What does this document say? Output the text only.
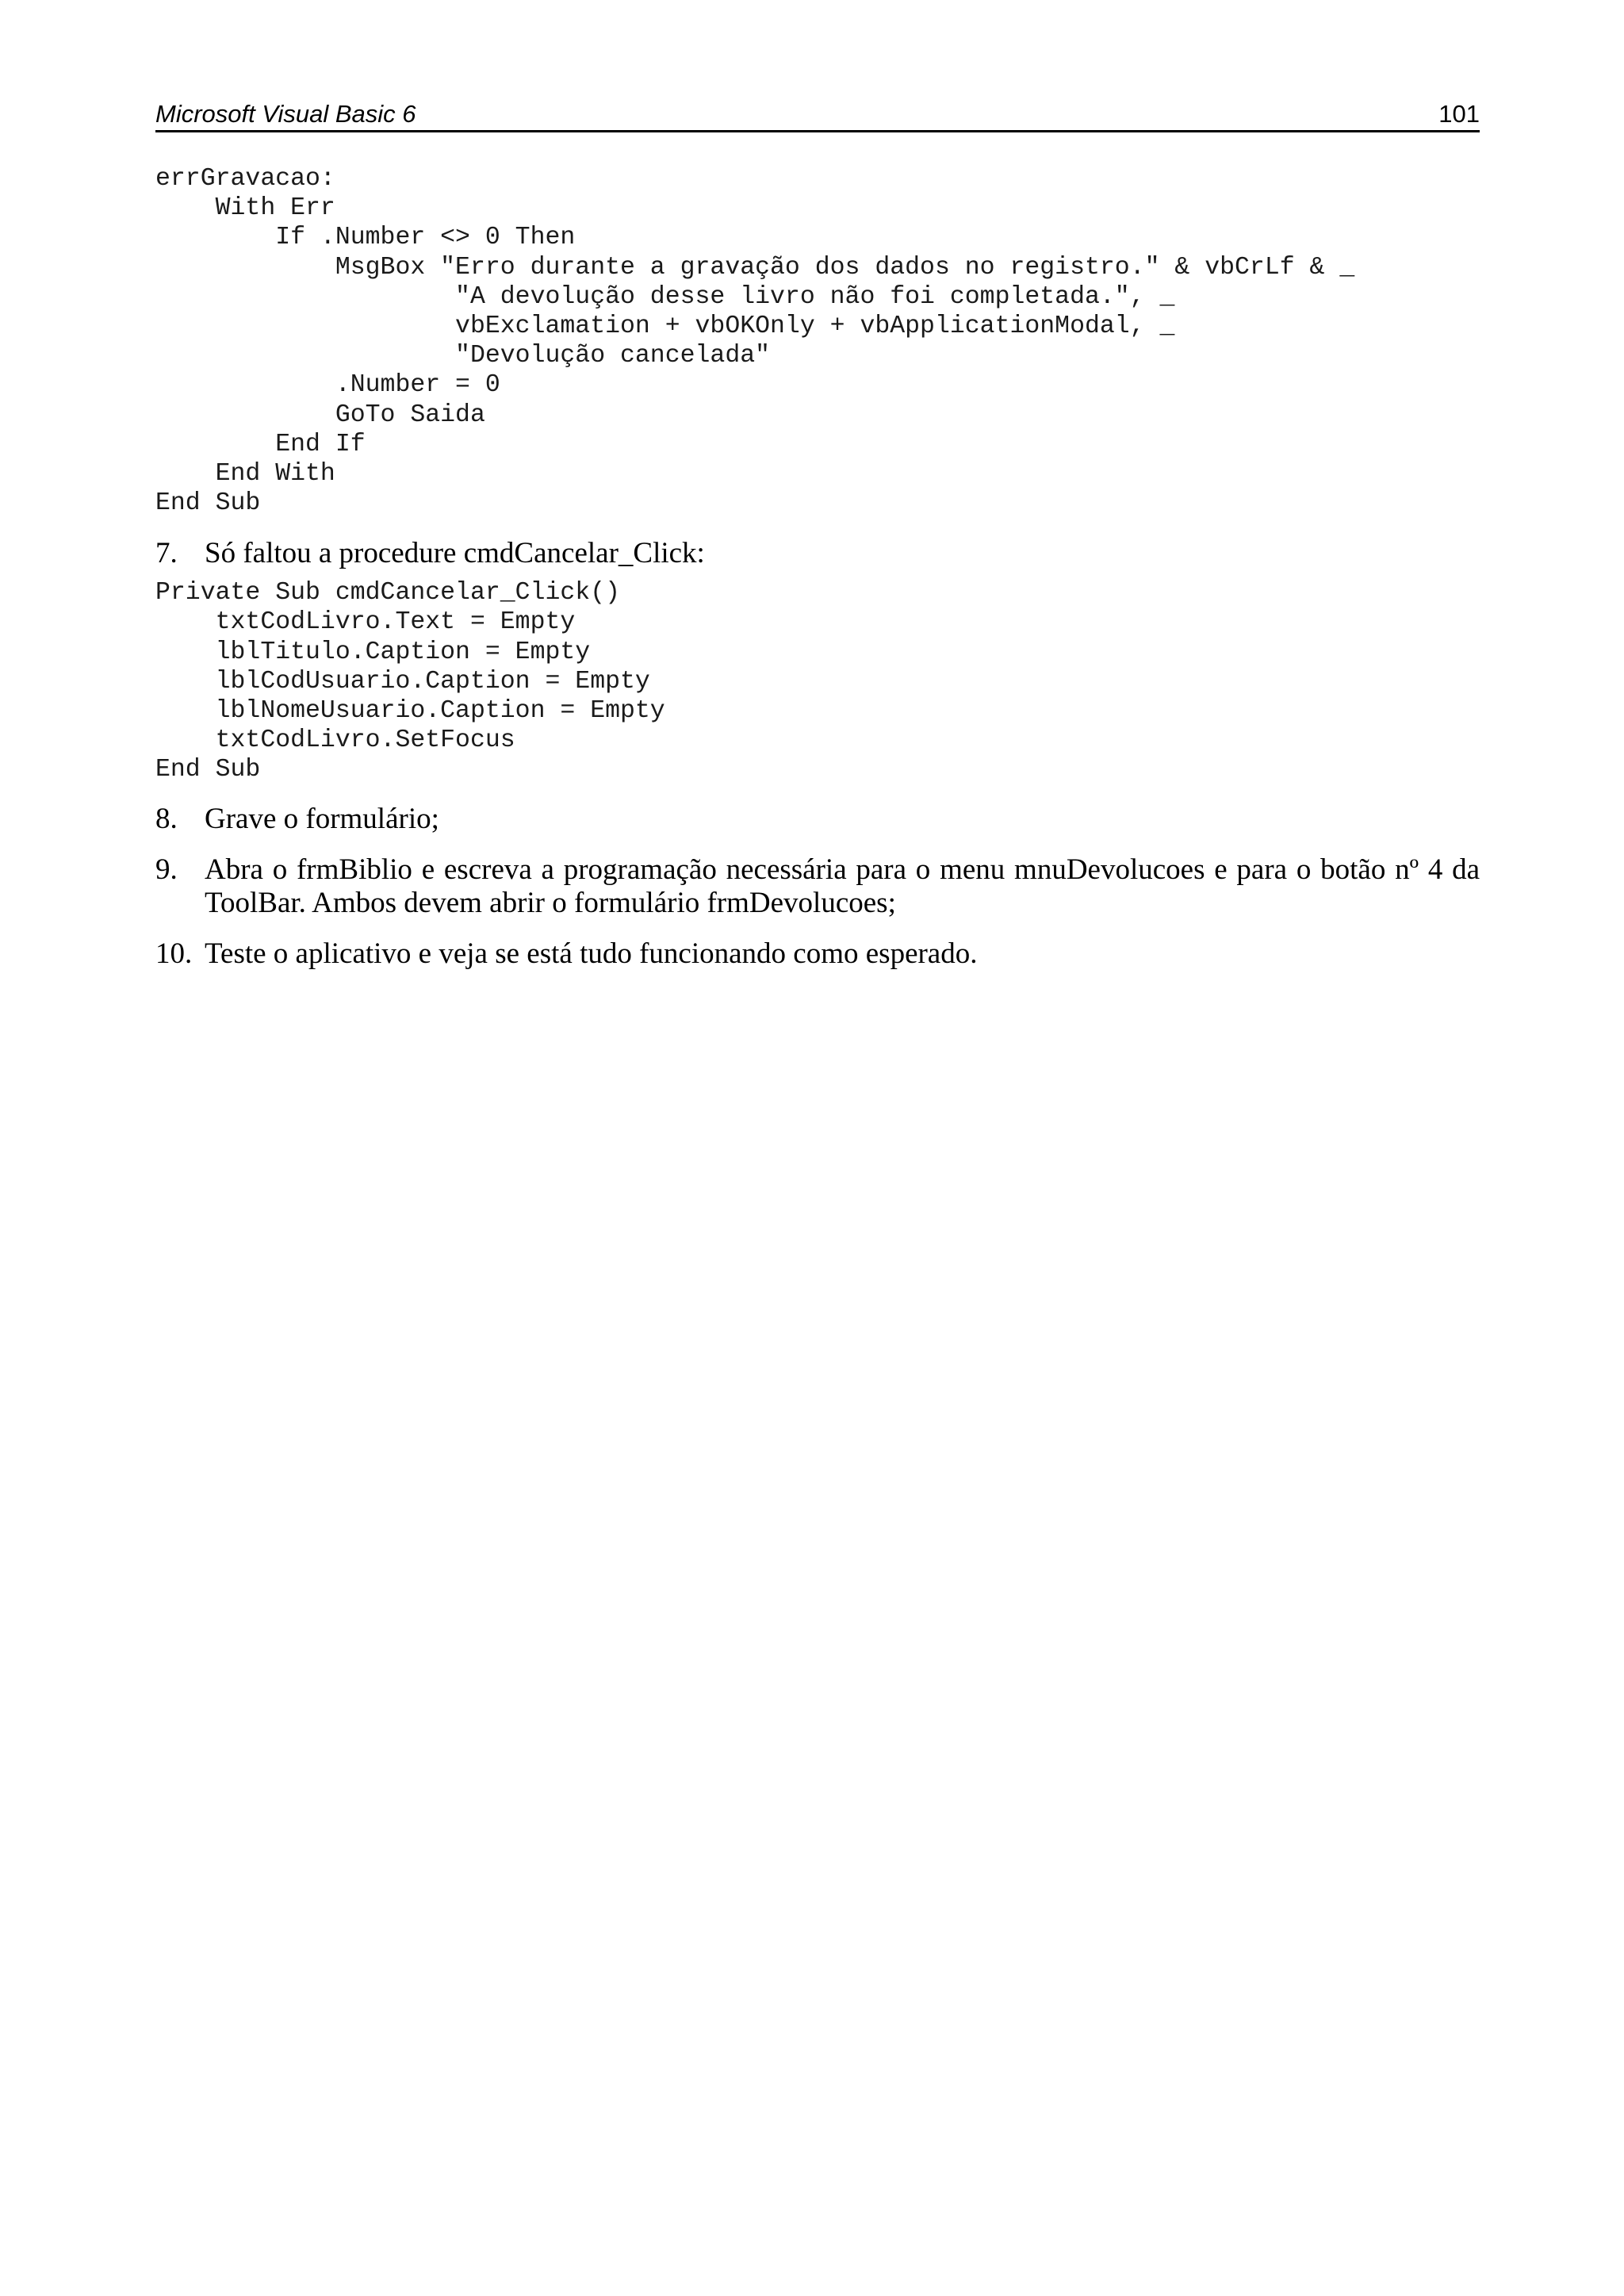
Microsoft Visual Basic 6	101
errGravacao:
With Err
If .Number <> 0 Then
MsgBox "Erro durante a gravação dos dados no registro." & vbCrLf & _
"A devolução desse livro não foi completada.", _
vbExclamation + vbOKOnly + vbApplicationModal, _
"Devolução cancelada"
.Number = 0
GoTo Saida
End If
End With
End Sub
7. Só faltou a procedure cmdCancelar_Click:
Private Sub cmdCancelar_Click()
txtCodLivro.Text = Empty
lblTitulo.Caption = Empty
lblCodUsuario.Caption = Empty
lblNomeUsuario.Caption = Empty
txtCodLivro.SetFocus
End Sub
8. Grave o formulário;
9. Abra o frmBiblio e escreva a programação necessária para o menu mnuDevolucoes e para o botão nº 4 da ToolBar. Ambos devem abrir o formulário frmDevolucoes;
10. Teste o aplicativo e veja se está tudo funcionando como esperado.
